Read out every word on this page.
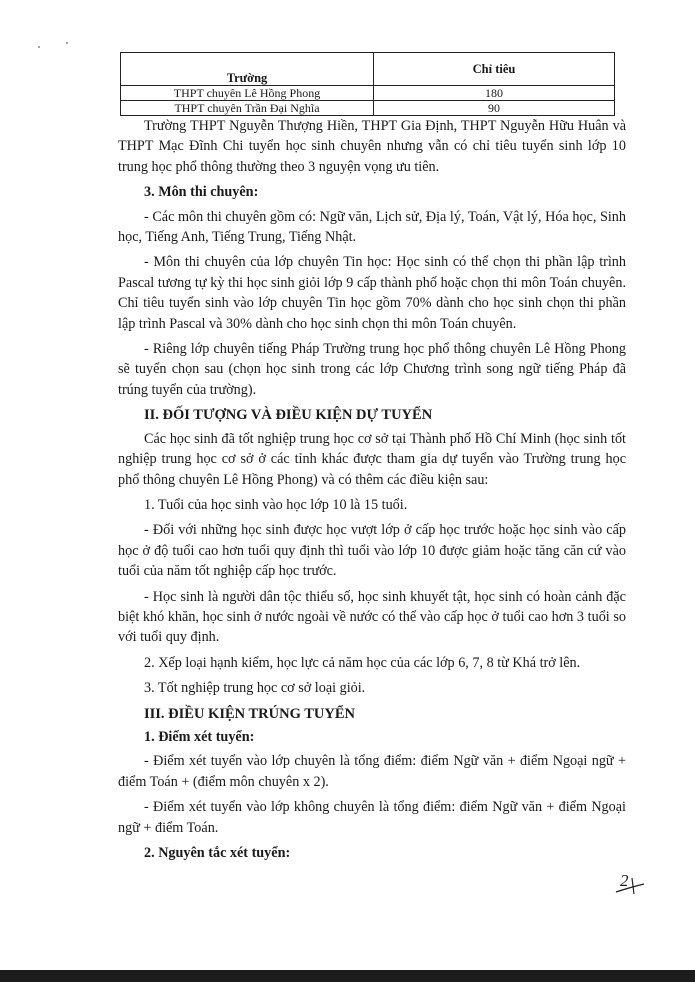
Trường	Chỉ tiêu
THPT chuyên Lê Hồng Phong	180
THPT chuyên Trần Đại Nghĩa	90

Trường THPT Nguyễn Thượng Hiền, THPT Gia Định, THPT Nguyễn Hữu Huân và THPT Mạc Đĩnh Chi tuyển học sinh chuyên nhưng vẫn có chỉ tiêu tuyển sinh lớp 10 trung học phổ thông thường theo 3 nguyện vọng ưu tiên.

3. Môn thi chuyên:

- Các môn thi chuyên gồm có: Ngữ văn, Lịch sử, Địa lý, Toán, Vật lý, Hóa học, Sinh học, Tiếng Anh, Tiếng Trung, Tiếng Nhật.

- Môn thi chuyên của lớp chuyên Tin học: Học sinh có thể chọn thi phần lập trình Pascal tương tự kỳ thi học sinh giỏi lớp 9 cấp thành phố hoặc chọn thi môn Toán chuyên. Chỉ tiêu tuyển sinh vào lớp chuyên Tin học gồm 70% dành cho học sinh chọn thi phần lập trình Pascal và 30% dành cho học sinh chọn thi môn Toán chuyên.

- Riêng lớp chuyên tiếng Pháp Trường trung học phổ thông chuyên Lê Hồng Phong sẽ tuyển chọn sau (chọn học sinh trong các lớp Chương trình song ngữ tiếng Pháp đã trúng tuyển của trường).

II. ĐỐI TƯỢNG VÀ ĐIỀU KIỆN DỰ TUYỂN

Các học sinh đã tốt nghiệp trung học cơ sở tại Thành phố Hồ Chí Minh (học sinh tốt nghiệp trung học cơ sở ở các tỉnh khác được tham gia dự tuyển vào Trường trung học phổ thông chuyên Lê Hồng Phong) và có thêm các điều kiện sau:

1. Tuổi của học sinh vào học lớp 10 là 15 tuổi.

- Đối với những học sinh được học vượt lớp ở cấp học trước hoặc học sinh vào cấp học ở độ tuổi cao hơn tuổi quy định thì tuổi vào lớp 10 được giảm hoặc tăng căn cứ vào tuổi của năm tốt nghiệp cấp học trước.

- Học sinh là người dân tộc thiểu số, học sinh khuyết tật, học sinh có hoàn cảnh đặc biệt khó khăn, học sinh ở nước ngoài về nước có thể vào cấp học ở tuổi cao hơn 3 tuổi so với tuổi quy định.

2. Xếp loại hạnh kiểm, học lực cả năm học của các lớp 6, 7, 8 từ Khá trở lên.

3. Tốt nghiệp trung học cơ sở loại giỏi.

III. ĐIỀU KIỆN TRÚNG TUYỂN
1. Điểm xét tuyển:

- Điểm xét tuyển vào lớp chuyên là tổng điểm: điểm Ngữ văn + điểm Ngoại ngữ + điểm Toán + (điểm môn chuyên x 2).

- Điểm xét tuyển vào lớp không chuyên là tổng điểm: điểm Ngữ văn + điểm Ngoại ngữ + điểm Toán.

2. Nguyên tắc xét tuyển:
2
